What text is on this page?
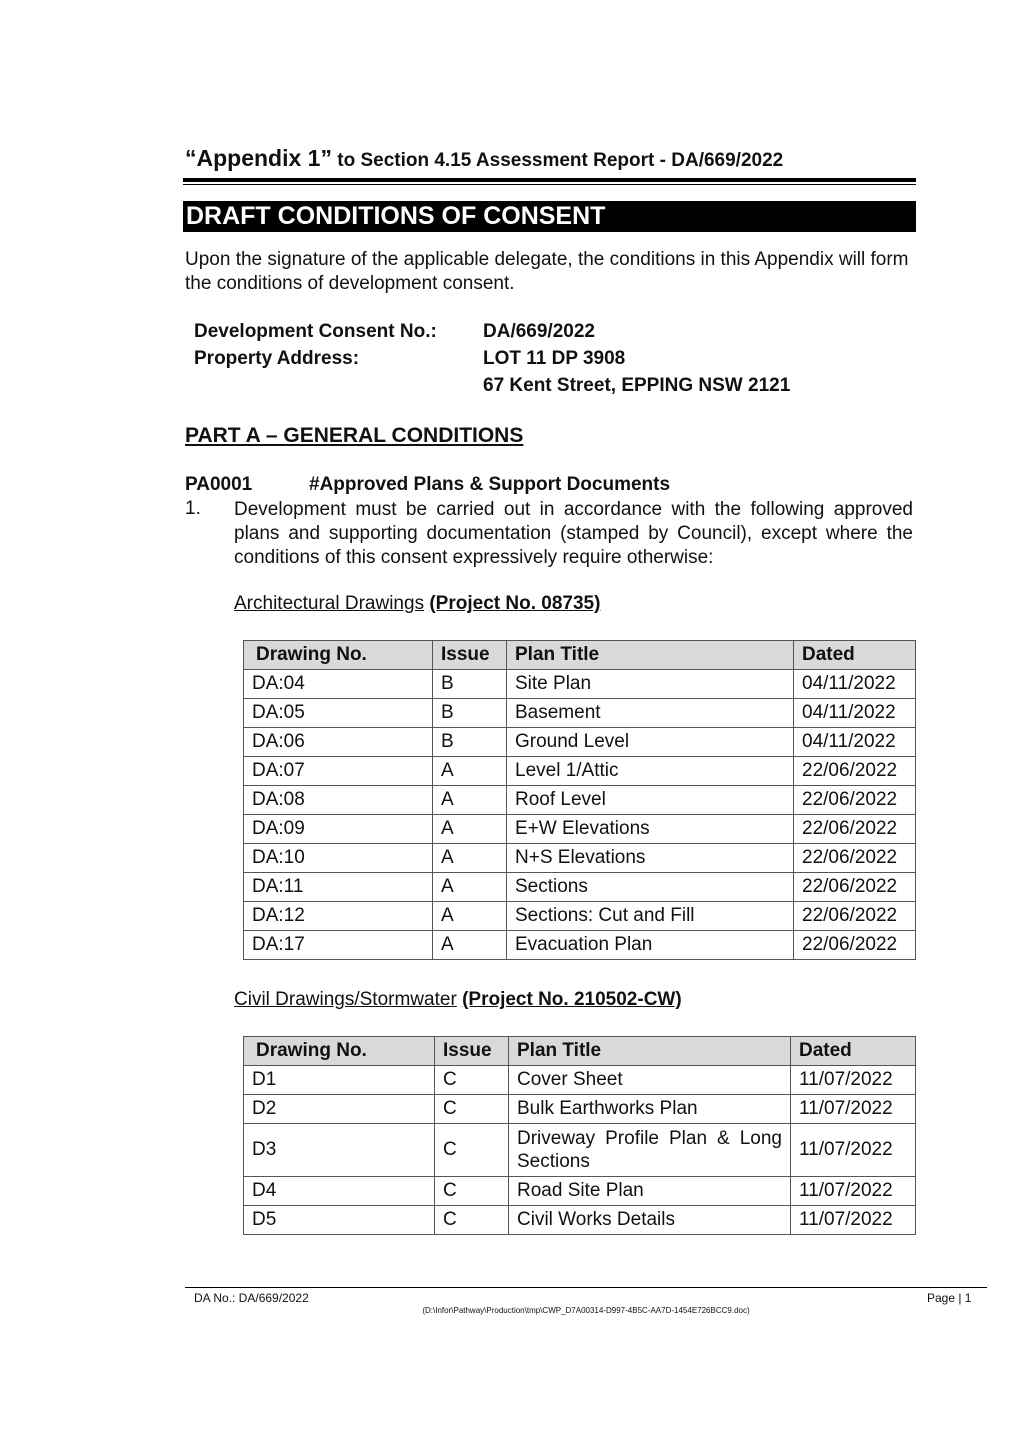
“Appendix 1” to Section 4.15 Assessment Report - DA/669/2022
DRAFT CONDITIONS OF CONSENT
Upon the signature of the applicable delegate, the conditions in this Appendix will form the conditions of development consent.
Development Consent No.: DA/669/2022
Property Address:	LOT 11 DP 3908
67 Kent Street, EPPING NSW 2121
PART A – GENERAL CONDITIONS
PA0001	#Approved Plans & Support Documents
1. Development must be carried out in accordance with the following approved plans and supporting documentation (stamped by Council), except where the conditions of this consent expressively require otherwise:
Architectural Drawings (Project No. 08735)
Drawing No.	Issue	Plan Title	Dated
DA:04	B	Site Plan	04/11/2022
DA:05	B	Basement	04/11/2022
DA:06	B	Ground Level	04/11/2022
DA:07	A	Level 1/Attic	22/06/2022
DA:08	A	Roof Level	22/06/2022
DA:09	A	E+W Elevations	22/06/2022
DA:10	A	N+S Elevations	22/06/2022
DA:11	A	Sections	22/06/2022
DA:12	A	Sections: Cut and Fill	22/06/2022
DA:17	A	Evacuation Plan	22/06/2022
Civil Drawings/Stormwater (Project No. 210502-CW)
Drawing No.	Issue	Plan Title	Dated
D1	C	Cover Sheet	11/07/2022
D2	C	Bulk Earthworks Plan	11/07/2022
D3	C	Driveway Profile Plan & Long Sections	11/07/2022
D4	C	Road Site Plan	11/07/2022
D5	C	Civil Works Details	11/07/2022
DA No.: DA/669/2022	Page | 1
(D:\Infor\Pathway\Production\tmp\CWP_D7A00314-D997-4B5C-AA7D-1454E726BCC9.doc)
